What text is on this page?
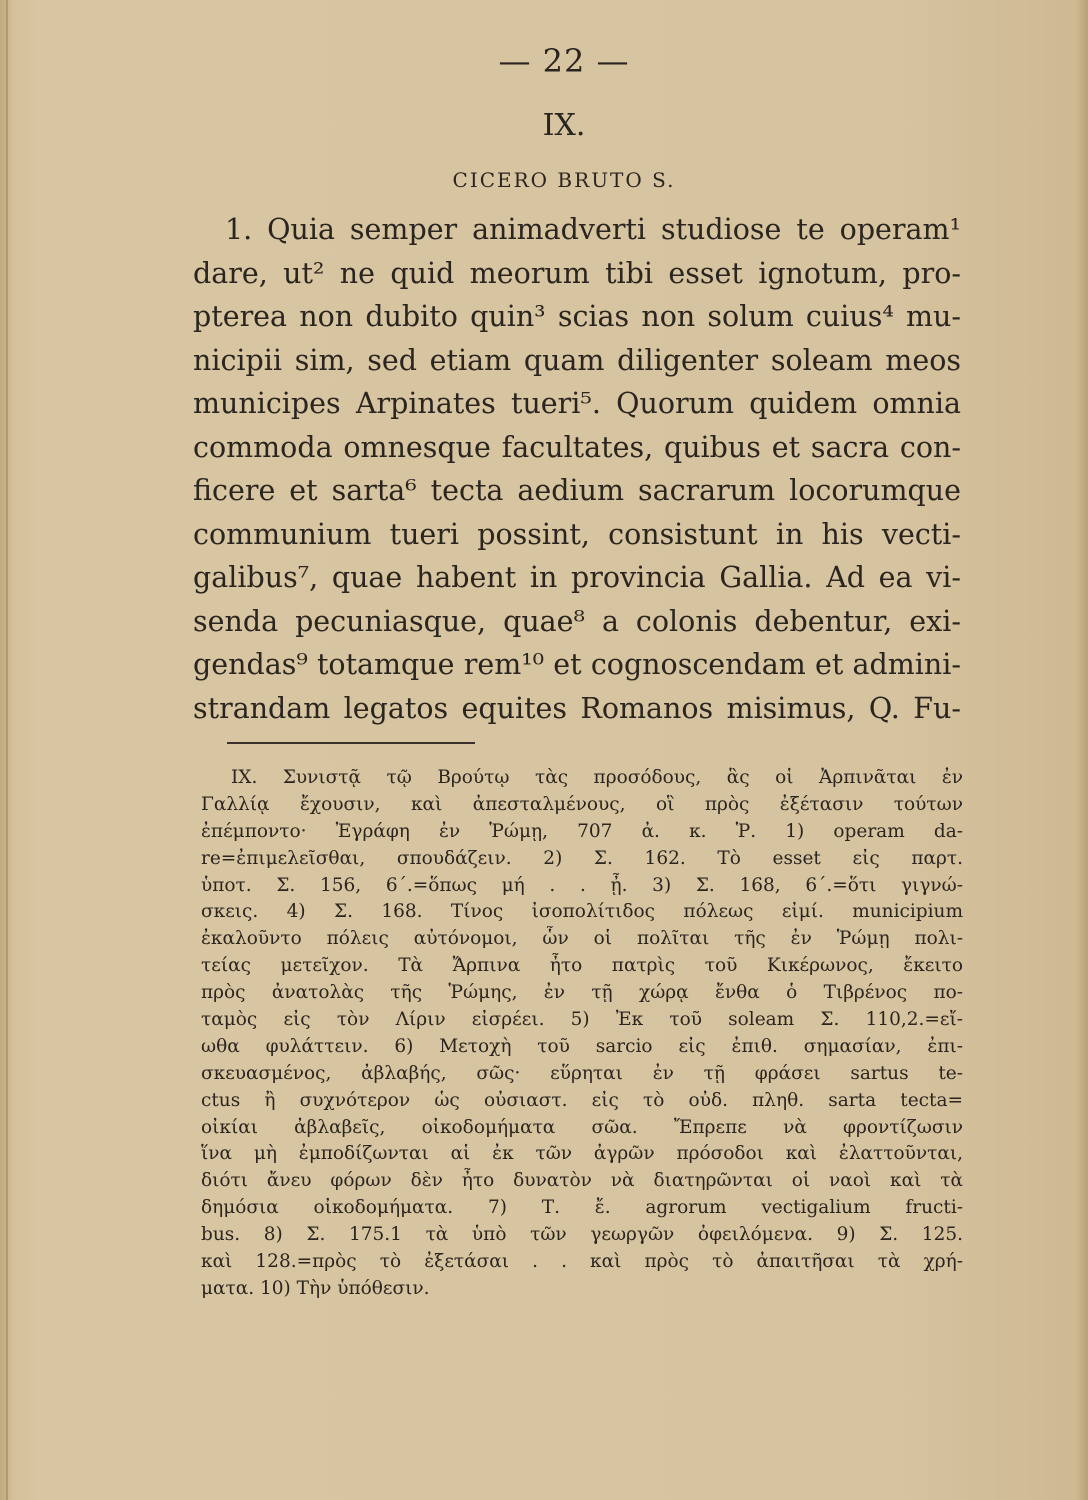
— 22 —
IX.
CICERO BRUTO S.
1. Quia semper animadverti studiose te operam¹
dare, ut² ne quid meorum tibi esset ignotum, pro-
pterea non dubito quin³ scias non solum cuius⁴ mu-
nicipii sim, sed etiam quam diligenter soleam meos
municipes Arpinates tueri⁵. Quorum quidem omnia
commoda omnesque facultates, quibus et sacra con-
ficere et sarta⁶ tecta aedium sacrarum locorumque
communium tueri possint, consistunt in his vecti-
galibus⁷, quae habent in provincia Gallia. Ad ea vi-
senda pecuniasque, quae⁸ a colonis debentur, exi-
gendas⁹ totamque rem¹⁰ et cognoscendam et admini-
strandam legatos equites Romanos misimus, Q. Fu-
IX. Συνιστᾷ τῷ Βρούτῳ τὰς προσόδους, ἃς οἱ Ἀρπινᾶται ἐν
Γαλλίᾳ ἔχουσιν, καὶ ἀπεσταλμένους, οἳ πρὸς ἐξέτασιν τούτων
ἐπέμποντο· Ἐγράφη ἐν Ῥώμῃ, 707 ἀ. κ. Ῥ. 1) operam da-
re=ἐπιμελεῖσθαι, σπουδάζειν. 2) Σ. 162. Τὸ esset εἰς παρτ.
ὑποτ. Σ. 156, 6΄.=ὅπως μή . . ᾖ. 3) Σ. 168, 6΄.=ὅτι γιγνώ-
σκεις. 4) Σ. 168. Τίνος ἰσοπολίτιδος πόλεως εἰμί. municipium
ἐκαλοῦντο πόλεις αὐτόνομοι, ὧν οἱ πολῖται τῆς ἐν Ῥώμῃ πολι-
τείας μετεῖχον. Τὰ Ἄρπινα ἦτο πατρὶς τοῦ Κικέρωνος, ἔκειτο
πρὸς ἀνατολὰς τῆς Ῥώμης, ἐν τῇ χώρᾳ ἔνθα ὁ Τιβρένος πο-
ταμὸς εἰς τὸν Λίριν εἰσρέει. 5) Ἐκ τοῦ soleam Σ. 110,2.=εἴ-
ωθα φυλάττειν. 6) Μετοχὴ τοῦ sarcio εἰς ἐπιθ. σημασίαν, ἐπι-
σκευασμένος, ἀβλαβής, σῶς· εὕρηται ἐν τῇ φράσει sartus te-
ctus ἢ συχνότερον ὡς οὐσιαστ. εἰς τὸ οὐδ. πληθ. sarta tecta=
οἰκίαι ἀβλαβεῖς, οἰκοδομήματα σῶα. Ἔπρεπε νὰ φροντίζωσιν
ἵνα μὴ ἐμποδίζωνται αἱ ἐκ τῶν ἀγρῶν πρόσοδοι καὶ ἐλαττοῦνται,
διότι ἄνευ φόρων δὲν ἦτο δυνατὸν νὰ διατηρῶνται οἱ ναοὶ καὶ τὰ
δημόσια οἰκοδομήματα. 7) Τ. ἔ. agrorum vectigalium fructi-
bus. 8) Σ. 175.1 τὰ ὑπὸ τῶν γεωργῶν ὀφειλόμενα. 9) Σ. 125.
καὶ 128.=πρὸς τὸ ἐξετάσαι . . καὶ πρὸς τὸ ἀπαιτῆσαι τὰ χρή-
ματα. 10) Τὴν ὑπόθεσιν.
